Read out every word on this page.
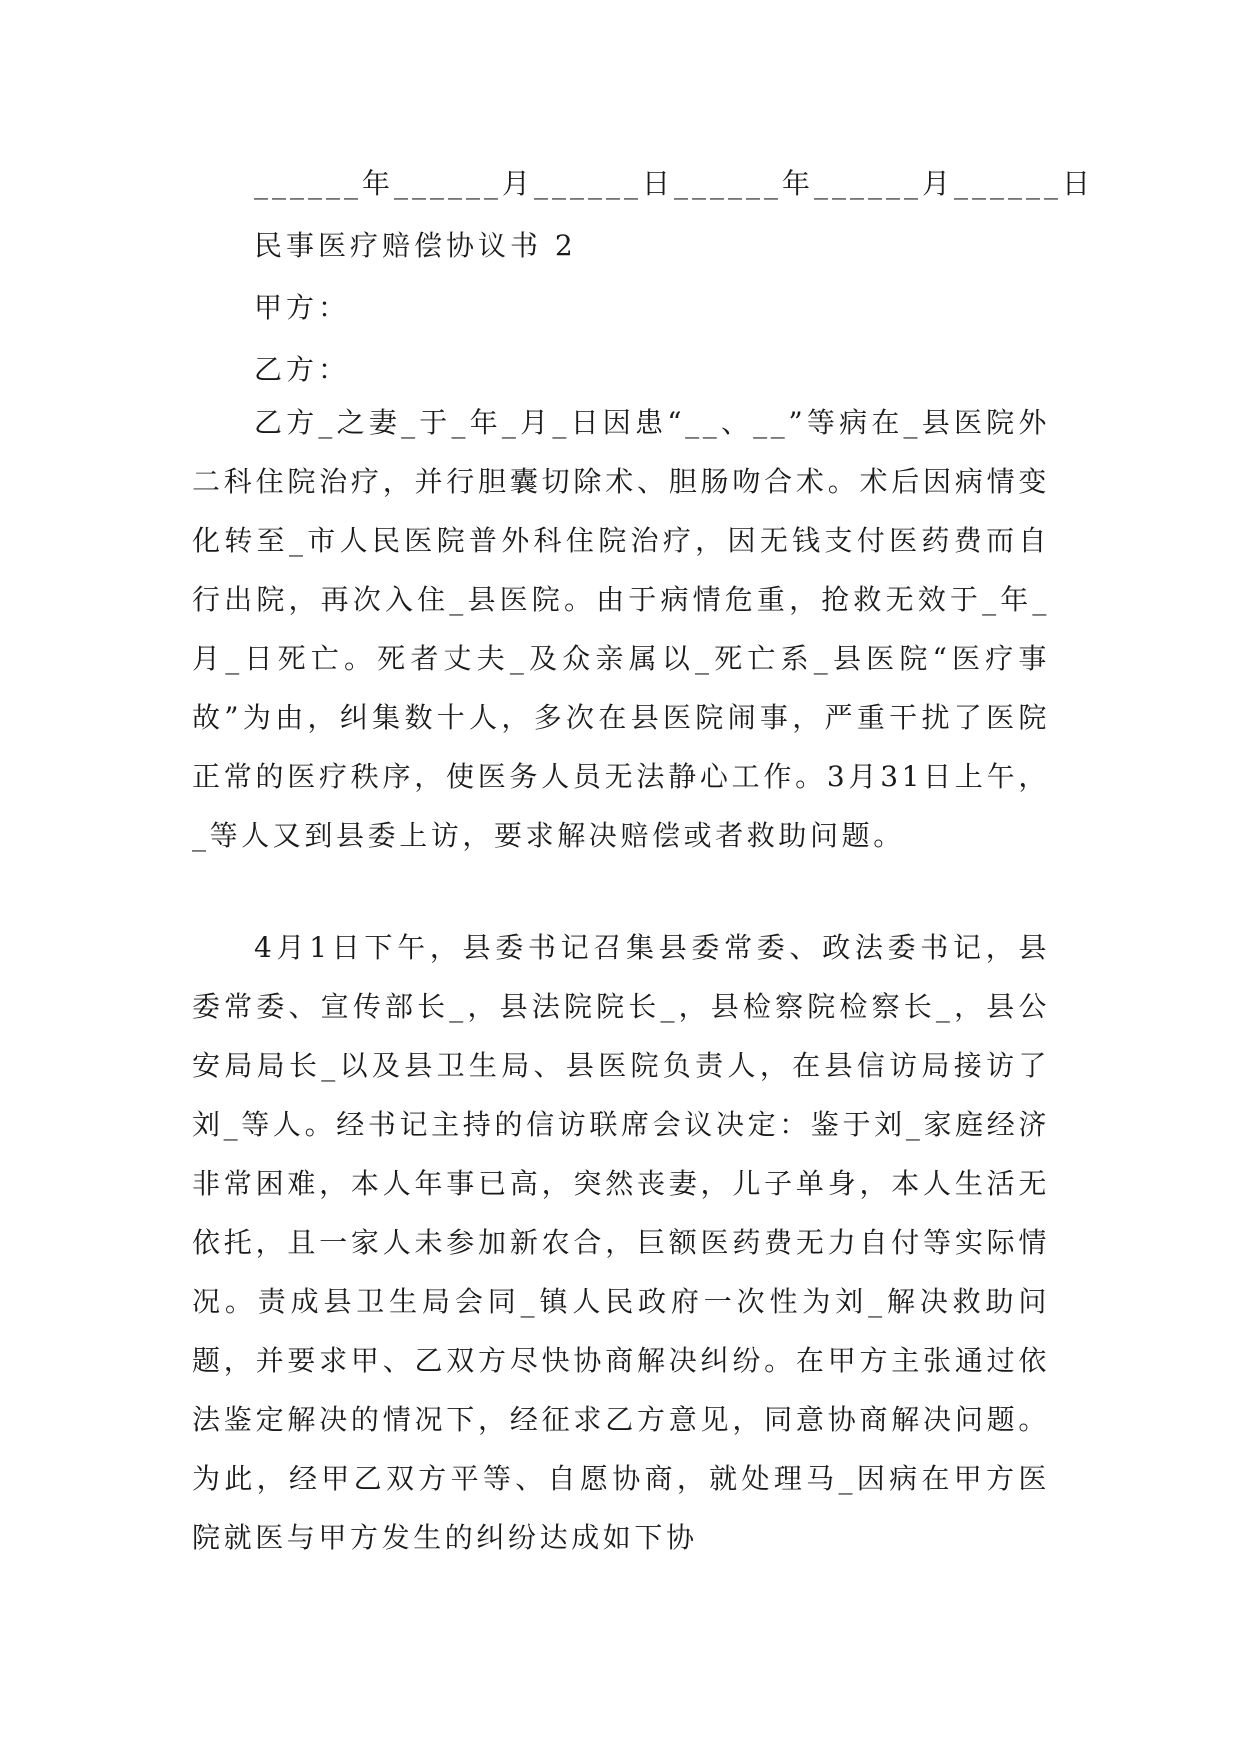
______年______月______日______年______月______日
民事医疗赔偿协议书 2
甲方：
乙方：
乙方_之妻_于_年_月_日因患“__、__”等病在_县医院外二科住院治疗，并行胆囊切除术、胆肠吻合术。术后因病情变化转至_市人民医院普外科住院治疗，因无钱支付医药费而自行出院，再次入住_县医院。由于病情危重，抢救无效于_年_月_日死亡。死者丈夫_及众亲属以_死亡系_县医院“医疗事故”为由，纠集数十人，多次在县医院闹事，严重干扰了医院正常的医疗秩序，使医务人员无法静心工作。3月31日上午，_等人又到县委上访，要求解决赔偿或者救助问题。
4月1日下午，县委书记召集县委常委、政法委书记，县委常委、宣传部长_，县法院院长_，县检察院检察长_，县公安局局长_以及县卫生局、县医院负责人，在县信访局接访了刘_等人。经书记主持的信访联席会议决定：鉴于刘_家庭经济非常困难，本人年事已高，突然丧妻，儿子单身，本人生活无依托，且一家人未参加新农合，巨额医药费无力自付等实际情况。责成县卫生局会同_镇人民政府一次性为刘_解决救助问题，并要求甲、乙双方尽快协商解决纠纷。在甲方主张通过依法鉴定解决的情况下，经征求乙方意见，同意协商解决问题。为此，经甲乙双方平等、自愿协商，就处理马_因病在甲方医院就医与甲方发生的纠纷达成如下协
